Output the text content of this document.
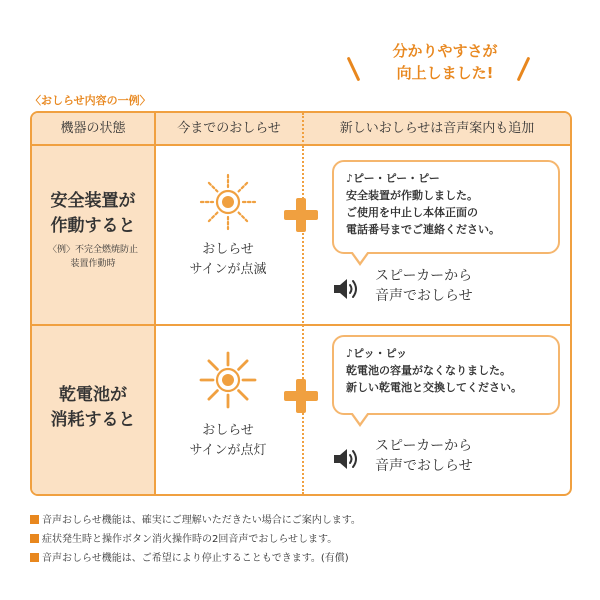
分かりやすさが
向上しました!
〈おしらせ内容の一例〉
機器の状態	今までのおしらせ	新しいおしらせは音声案内も追加
安全装置が
作動すると
〈例〉不完全燃焼防止
装置作動時
乾電池が
消耗すると
おしらせ
サインが点滅
おしらせ
サインが点灯
♪ピー・ピー・ピー
安全装置が作動しました。
ご使用を中止し本体正面の
電話番号までご連絡ください。
スピーカーから
音声でおしらせ
♪ピッ・ピッ
乾電池の容量がなくなりました。
新しい乾電池と交換してください。
スピーカーから
音声でおしらせ
音声おしらせ機能は、確実にご理解いただきたい場合にご案内します。
症状発生時と操作ボタン消火操作時の2回音声でおしらせします。
音声おしらせ機能は、ご希望により停止することもできます。(有償)
